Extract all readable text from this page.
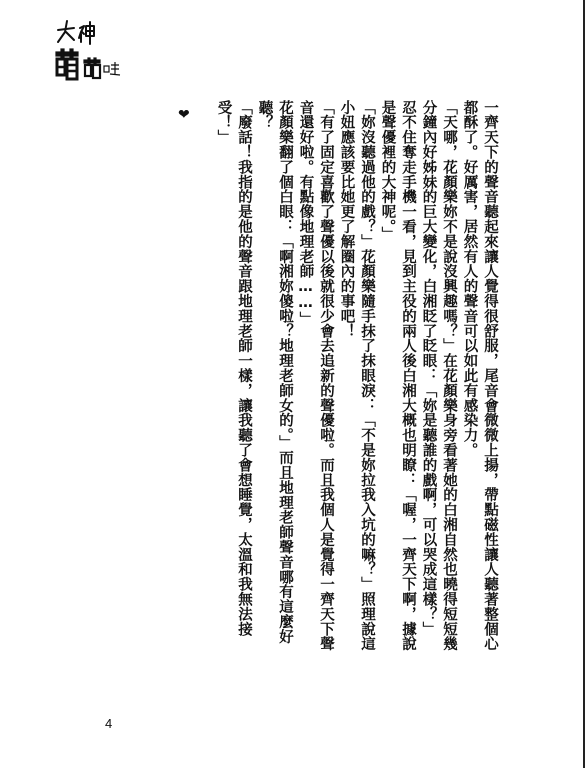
❤	一齊天下的聲音聽起來讓人覺得很舒服，尾音會微微上揚，帶點磁性讓人聽著整個心都酥了。好厲害，居然有人的聲音可以如此有感染力。

「天哪，花顏樂妳不是說沒興趣嗎？」在花顏樂身旁看著她的白湘自然也曉得短短幾分鐘內好姊妹的巨大變化，白湘眨了眨眼：「妳是聽誰的戲啊，可以哭成這樣？」

忍不住奪走手機一看，見到主役的兩人後白湘大概也明瞭：「喔，一齊天下啊，據說是聲優裡的大神呢。」

「妳沒聽過他的戲？」花顏樂隨手抹了抹眼淚：「不是妳拉我入坑的嘛？」照理說這小妞應該要比她更了解圈內的事吧！

「有了固定喜歡了聲優以後就很少會去追新的聲優啦。而且我個人是覺得一齊天下聲音還好啦。有點像地理老師……」

花顏樂翻了個白眼：「啊湘妳傻啦？地理老師女的。」而且地理老師聲音哪有這麼好聽？

「廢話！我指的是他的聲音跟地理老師一樣，讓我聽了會想睡覺，太溫和我無法接受！」

4
